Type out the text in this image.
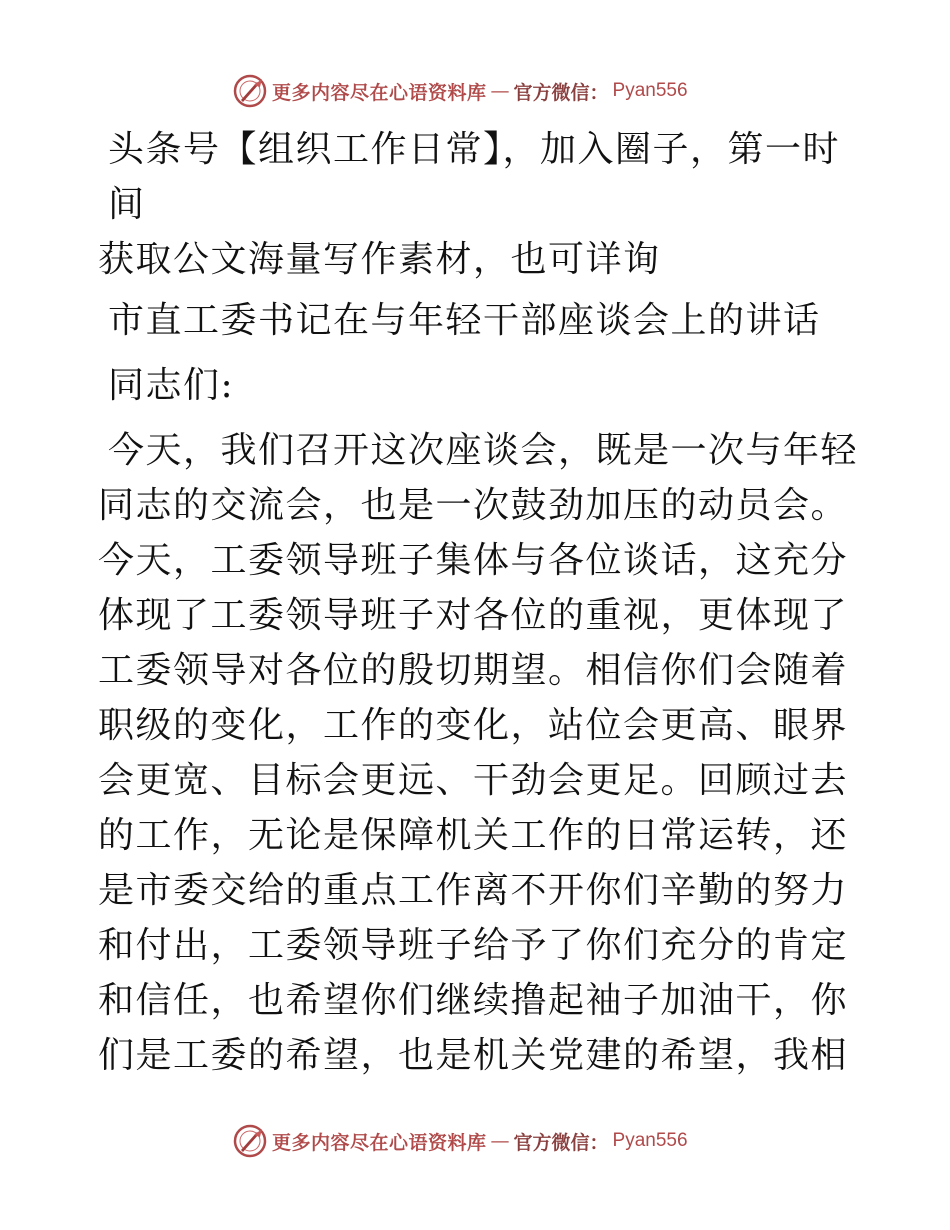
更多内容尽在心语资料库 — 官方微信： Pyan556

头条号【组织工作日常】，加入圈子，第一时间
获取公文海量写作素材，也可详询

市直工委书记在与年轻干部座谈会上的讲话

同志们:

今天，我们召开这次座谈会，既是一次与年轻同志的交流会，也是一次鼓劲加压的动员会。今天，工委领导班子集体与各位谈话，这充分体现了工委领导班子对各位的重视，更体现了工委领导对各位的殷切期望。相信你们会随着职级的变化，工作的变化，站位会更高、眼界会更宽、目标会更远、干劲会更足。回顾过去的工作，无论是保障机关工作的日常运转，还是市委交给的重点工作离不开你们辛勤的努力和付出，工委领导班子给予了你们充分的肯定和信任，也希望你们继续撸起袖子加油干，你们是工委的希望，也是机关党建的希望，我相

更多内容尽在心语资料库 — 官方微信： Pyan556
